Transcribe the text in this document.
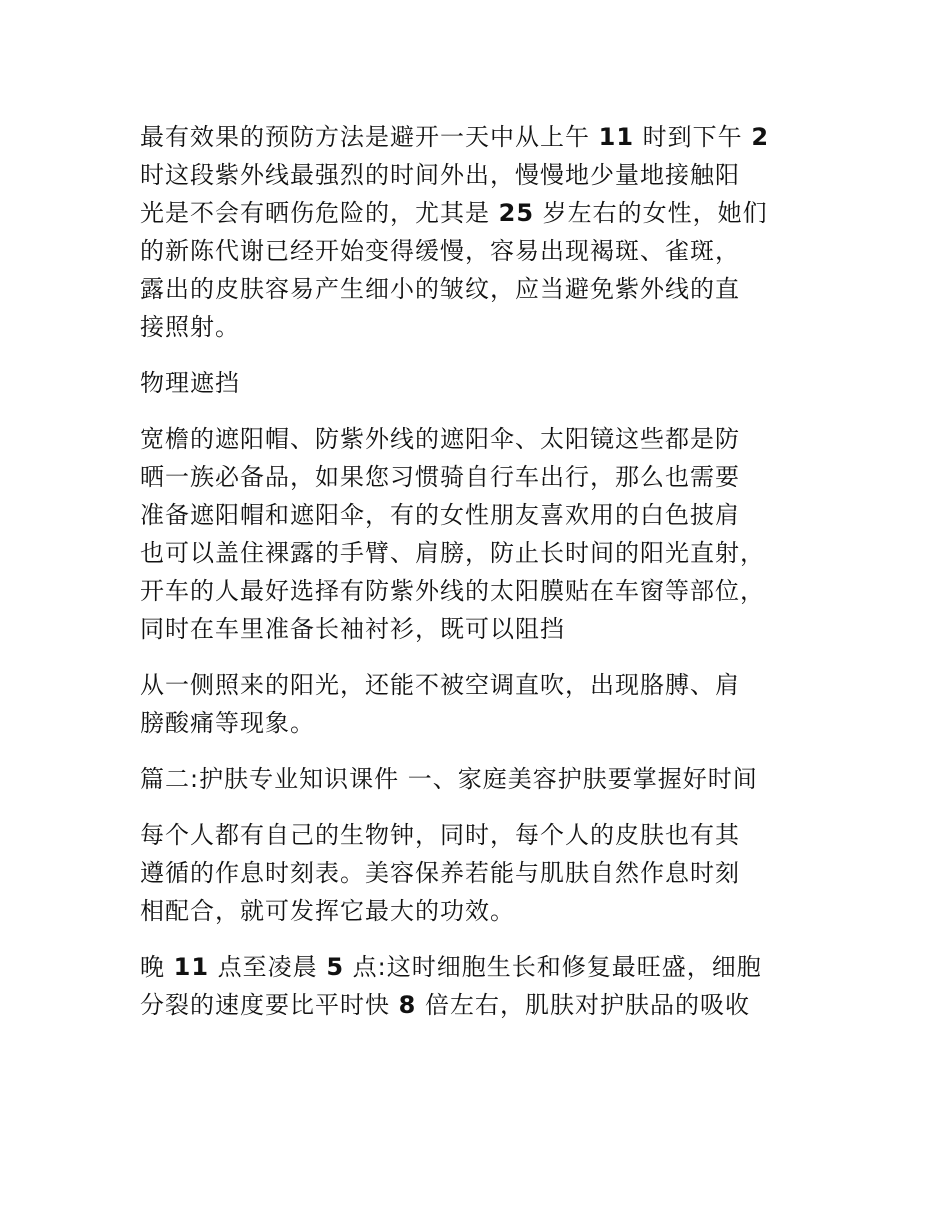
最有效果的预防方法是避开一天中从上午 11 时到下午 2
时这段紫外线最强烈的时间外出，慢慢地少量地接触阳
光是不会有晒伤危险的，尤其是 25 岁左右的女性，她们
的新陈代谢已经开始变得缓慢，容易出现褐斑、雀斑，
露出的皮肤容易产生细小的皱纹，应当避免紫外线的直
接照射。
物理遮挡
宽檐的遮阳帽、防紫外线的遮阳伞、太阳镜这些都是防
晒一族必备品，如果您习惯骑自行车出行，那么也需要
准备遮阳帽和遮阳伞，有的女性朋友喜欢用的白色披肩
也可以盖住裸露的手臂、肩膀，防止长时间的阳光直射，
开车的人最好选择有防紫外线的太阳膜贴在车窗等部位，
同时在车里准备长袖衬衫，既可以阻挡
从一侧照来的阳光，还能不被空调直吹，出现胳膊、肩
膀酸痛等现象。
篇二:护肤专业知识课件 一、家庭美容护肤要掌握好时间
每个人都有自己的生物钟，同时，每个人的皮肤也有其
遵循的作息时刻表。美容保养若能与肌肤自然作息时刻
相配合，就可发挥它最大的功效。
晚 11 点至凌晨 5 点:这时细胞生长和修复最旺盛，细胞
分裂的速度要比平时快 8 倍左右，肌肤对护肤品的吸收
